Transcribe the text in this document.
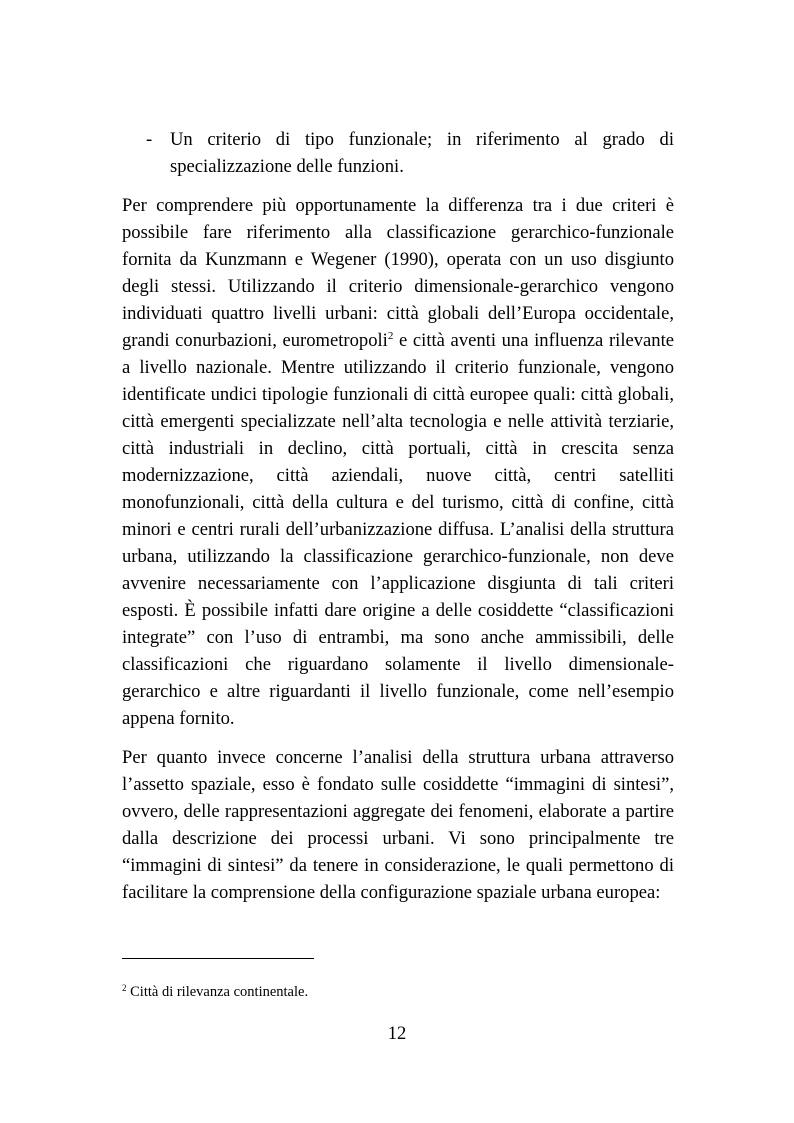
- Un criterio di tipo funzionale; in riferimento al grado di specializzazione delle funzioni.

Per comprendere più opportunamente la differenza tra i due criteri è possibile fare riferimento alla classificazione gerarchico-funzionale fornita da Kunzmann e Wegener (1990), operata con un uso disgiunto degli stessi. Utilizzando il criterio dimensionale-gerarchico vengono individuati quattro livelli urbani: città globali dell’Europa occidentale, grandi conurbazioni, eurometropoli$^2$ e città aventi una influenza rilevante a livello nazionale. Mentre utilizzando il criterio funzionale, vengono identificate undici tipologie funzionali di città europee quali: città globali, città emergenti specializzate nell’alta tecnologia e nelle attività terziarie, città industriali in declino, città portuali, città in crescita senza modernizzazione, città aziendali, nuove città, centri satelliti monofunzionali, città della cultura e del turismo, città di confine, città minori e centri rurali dell’urbanizzazione diffusa. L’analisi della struttura urbana, utilizzando la classificazione gerarchico-funzionale, non deve avvenire necessariamente con l’applicazione disgiunta di tali criteri esposti. È possibile infatti dare origine a delle cosiddette “classificazioni integrate” con l’uso di entrambi, ma sono anche ammissibili, delle classificazioni che riguardano solamente il livello dimensionale-gerarchico e altre riguardanti il livello funzionale, come nell’esempio appena fornito.

Per quanto invece concerne l’analisi della struttura urbana attraverso l’assetto spaziale, esso è fondato sulle cosiddette “immagini di sintesi”, ovvero, delle rappresentazioni aggregate dei fenomeni, elaborate a partire dalla descrizione dei processi urbani. Vi sono principalmente tre “immagini di sintesi” da tenere in considerazione, le quali permettono di facilitare la comprensione della configurazione spaziale urbana europea:

$^2$ Città di rilevanza continentale.
12
